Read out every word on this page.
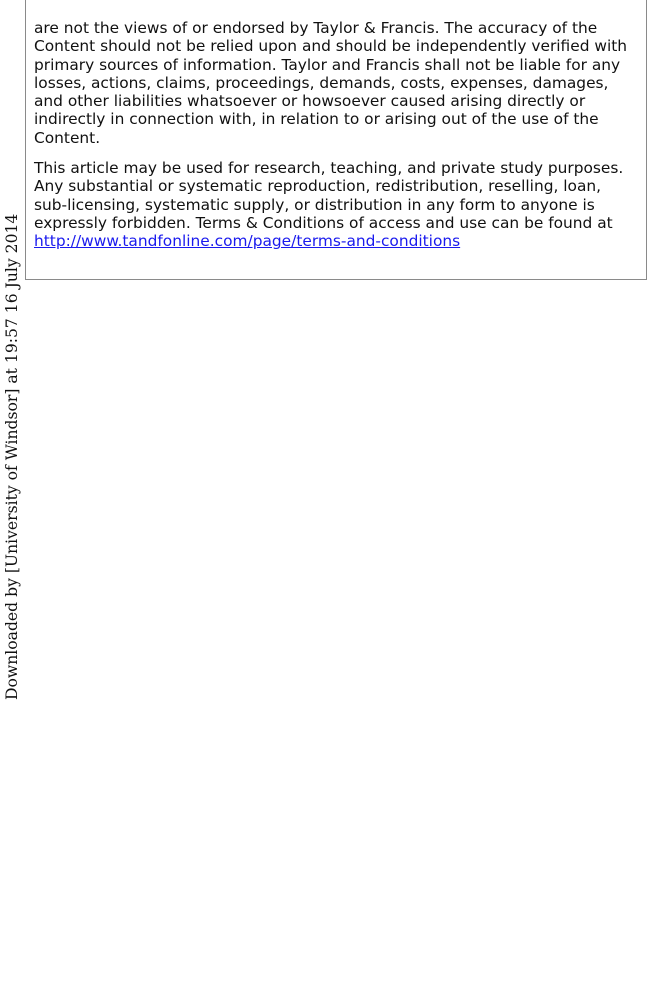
are not the views of or endorsed by Taylor & Francis. The accuracy of the Content should not be relied upon and should be independently verified with primary sources of information. Taylor and Francis shall not be liable for any losses, actions, claims, proceedings, demands, costs, expenses, damages, and other liabilities whatsoever or howsoever caused arising directly or indirectly in connection with, in relation to or arising out of the use of the Content.

This article may be used for research, teaching, and private study purposes. Any substantial or systematic reproduction, redistribution, reselling, loan, sub-licensing, systematic supply, or distribution in any form to anyone is expressly forbidden. Terms & Conditions of access and use can be found at http://www.tandfonline.com/page/terms-and-conditions

Downloaded by [University of Windsor] at 19:57 16 July 2014
